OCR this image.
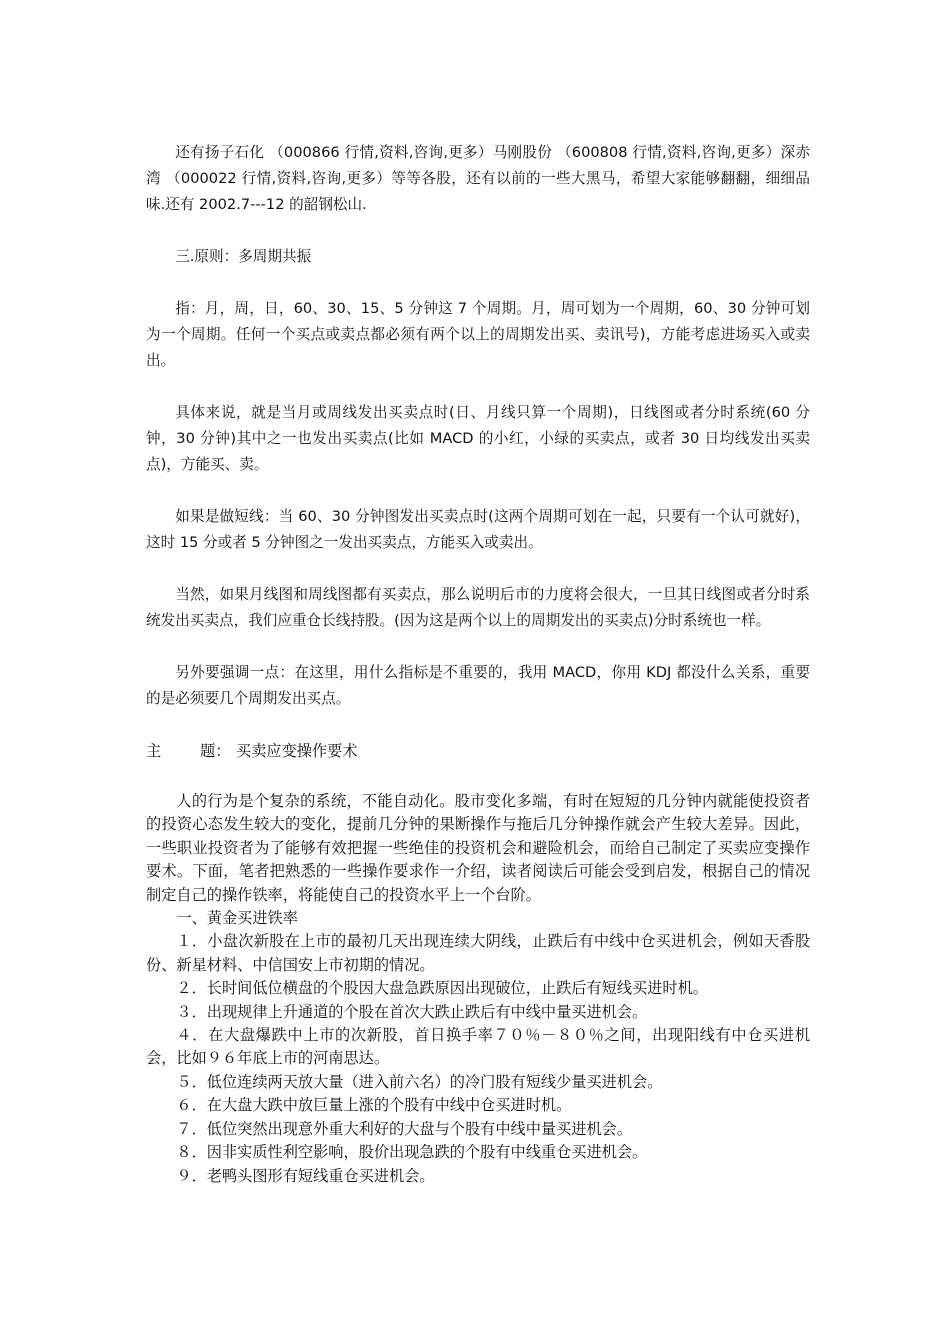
还有扬子石化 （000866 行情,资料,咨询,更多）马刚股份 （600808 行情,资料,咨询,更多）深赤湾 （000022 行情,资料,咨询,更多）等等各股，还有以前的一些大黑马，希望大家能够翻翻，细细品味.还有 2002.7---12 的韶钢松山.

三.原则：多周期共振

指：月，周，日，60、30、15、5 分钟这 7 个周期。月，周可划为一个周期，60、30 分钟可划为一个周期。任何一个买点或卖点都必须有两个以上的周期发出买、卖讯号)，方能考虑进场买入或卖出。

具体来说，就是当月或周线发出买卖点时(日、月线只算一个周期)，日线图或者分时系统(60 分钟，30 分钟)其中之一也发出买卖点(比如 MACD 的小红，小绿的买卖点，或者 30 日均线发出买卖点)，方能买、卖。

如果是做短线：当 60、30 分钟图发出买卖点时(这两个周期可划在一起，只要有一个认可就好)，这时 15 分或者 5 分钟图之一发出买卖点，方能买入或卖出。

当然，如果月线图和周线图都有买卖点，那么说明后市的力度将会很大，一旦其日线图或者分时系统发出买卖点，我们应重仓长线持股。(因为这是两个以上的周期发出的买卖点)分时系统也一样。

另外要强调一点：在这里，用什么指标是不重要的，我用 MACD，你用 KDJ 都没什么关系，重要的是必须要几个周期发出买点。

主	题： 买卖应变操作要术

人的行为是个复杂的系统，不能自动化。股市变化多端，有时在短短的几分钟内就能使投资者的投资心态发生较大的变化，提前几分钟的果断操作与拖后几分钟操作就会产生较大差异。因此，一些职业投资者为了能够有效把握一些绝佳的投资机会和避险机会，而给自己制定了买卖应变操作要术。下面，笔者把熟悉的一些操作要求作一介绍，读者阅读后可能会受到启发，根据自己的情况制定自己的操作铁率，将能使自己的投资水平上一个台阶。

一、黄金买进铁率

１．小盘次新股在上市的最初几天出现连续大阴线，止跌后有中线中仓买进机会，例如天香股份、新星材料、中信国安上市初期的情况。

２．长时间低位横盘的个股因大盘急跌原因出现破位，止跌后有短线买进时机。

３．出现规律上升通道的个股在首次大跌止跌后有中线中量买进机会。

４．在大盘爆跌中上市的次新股，首日换手率７０％－８０％之间，出现阳线有中仓买进机会，比如９６年底上市的河南思达。

５．低位连续两天放大量（进入前六名）的冷门股有短线少量买进机会。

６．在大盘大跌中放巨量上涨的个股有中线中仓买进时机。

７．低位突然出现意外重大利好的大盘与个股有中线中量买进机会。

８．因非实质性利空影响，股价出现急跌的个股有中线重仓买进机会。

９．老鸭头图形有短线重仓买进机会。
